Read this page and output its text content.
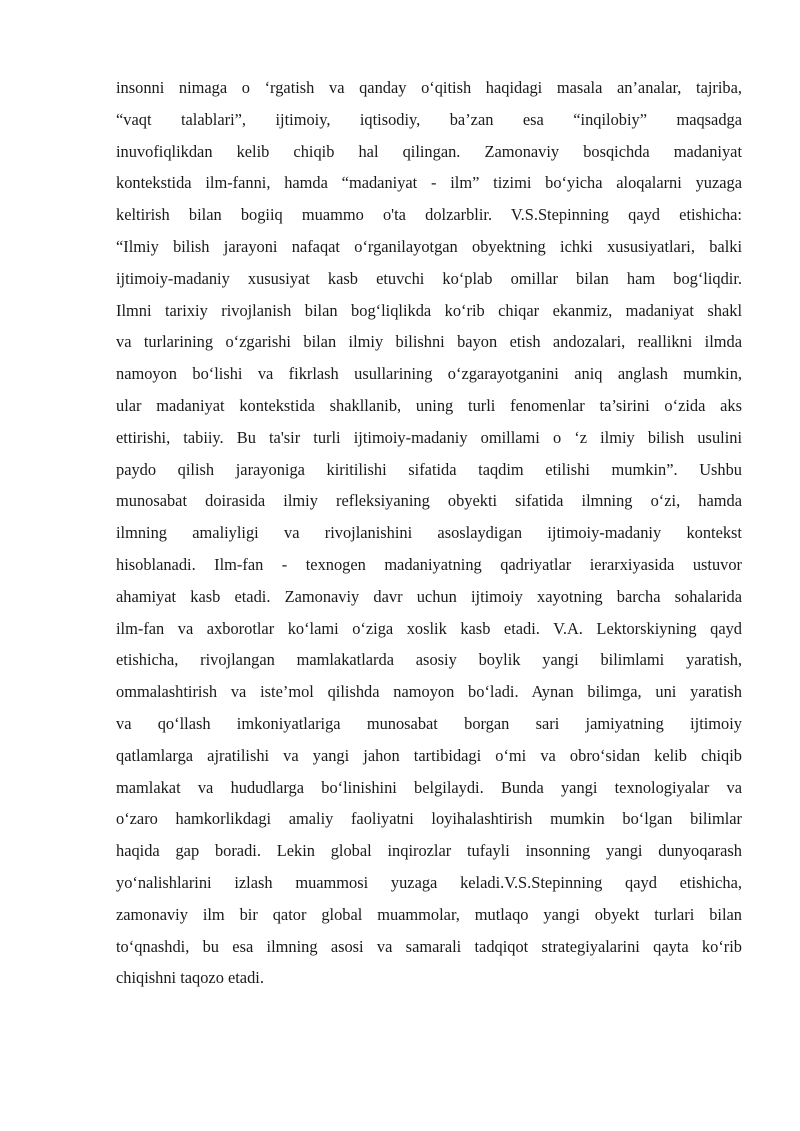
insonni nimaga o ‘rgatish va qanday o‘qitish haqidagi masala an’analar, tajriba,
“vaqt talablari”, ijtimoiy, iqtisodiy, ba’zan esa “inqilobiy” maqsadga
inuvofiqlikdan kelib chiqib hal qilingan. Zamonaviy bosqichda madaniyat
kontekstida ilm-fanni, hamda “madaniyat - ilm” tizimi bo‘yicha aloqalarni yuzaga
keltirish bilan bogiiq muammo o'ta dolzarblir. V.S.Stepinning qayd etishicha:
“Ilmiy bilish jarayoni nafaqat o‘rganilayotgan obyektning ichki xususiyatlari, balki
ijtimoiy-madaniy xususiyat kasb etuvchi ko‘plab omillar bilan ham bog‘liqdir.
Ilmni tarixiy rivojlanish bilan bog‘liqlikda ko‘rib chiqar ekanmiz, madaniyat shakl
va turlarining o‘zgarishi bilan ilmiy bilishni bayon etish andozalari, reallikni ilmda
namoyon bo‘lishi va fikrlash usullarining o‘zgarayotganini aniq anglash mumkin,
ular madaniyat kontekstida shakllanib, uning turli fenomenlar ta’sirini o‘zida aks
ettirishi, tabiiy. Bu ta'sir turli ijtimoiy-madaniy omillami o ‘z ilmiy bilish usulini
paydo qilish jarayoniga kiritilishi sifatida taqdim etilishi mumkin”. Ushbu
munosabat doirasida ilmiy refleksiyaning obyekti sifatida ilmning o‘zi, hamda
ilmning amaliyligi va rivojlanishini asoslaydigan ijtimoiy-madaniy kontekst
hisoblanadi. Ilm-fan - texnogen madaniyatning qadriyatlar ierarxiyasida ustuvor
ahamiyat kasb etadi. Zamonaviy davr uchun ijtimoiy xayotning barcha sohalarida
ilm-fan va axborotlar ko‘lami o‘ziga xoslik kasb etadi. V.A. Lektorskiyning qayd
etishicha, rivojlangan mamlakatlarda asosiy boylik yangi bilimlami yaratish,
ommalashtirish va iste’mol qilishda namoyon bo‘ladi. Aynan bilimga, uni yaratish
va qo‘llash imkoniyatlariga munosabat borgan sari jamiyatning ijtimoiy
qatlamlarga ajratilishi va yangi jahon tartibidagi o‘mi va obro‘sidan kelib chiqib
mamlakat va hududlarga bo‘linishini belgilaydi. Bunda yangi texnologiyalar va
o‘zaro hamkorlikdagi amaliy faoliyatni loyihalashtirish mumkin bo‘lgan bilimlar
haqida gap boradi. Lekin global inqirozlar tufayli insonning yangi dunyoqarash
yo‘nalishlarini izlash muammosi yuzaga keladi.V.S.Stepinning qayd etishicha,
zamonaviy ilm bir qator global muammolar, mutlaqo yangi obyekt turlari bilan
to‘qnashdi, bu esa ilmning asosi va samarali tadqiqot strategiyalarini qayta ko‘rib
chiqishni taqozo etadi.
